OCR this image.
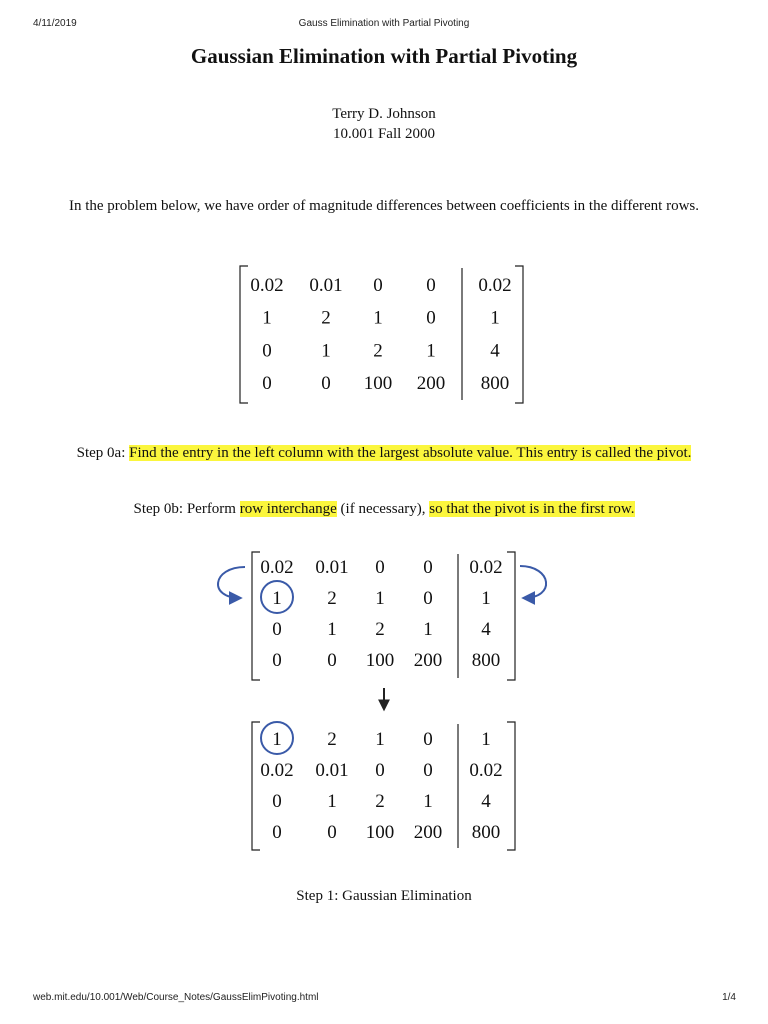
4/11/2019	Gauss Elimination with Partial Pivoting
Gaussian Elimination with Partial Pivoting
Terry D. Johnson
10.001 Fall 2000

In the problem below, we have order of magnitude differences between coefficients in the different rows.

Step 0a: Find the entry in the left column with the largest absolute value. This entry is called the pivot.

Step 0b: Perform row interchange (if necessary), so that the pivot is in the first row.

Step 1: Gaussian Elimination

0.02 0.01 0 0 0.02
1	2 1 0	1
0	1 2 1	4
0	0 100 200 800
0.02 0.01 0 0 0.02
1 2 1 0	1
0 1 2 1	4
0 0 100 200 800
1 2 1 0	1
0.02 0.01 0 0 0.02
0 1 2 1	4
0 0 100 200 800
web.mit.edu/10.001/Web/Course_Notes/GaussElimPivoting.html	1/4
